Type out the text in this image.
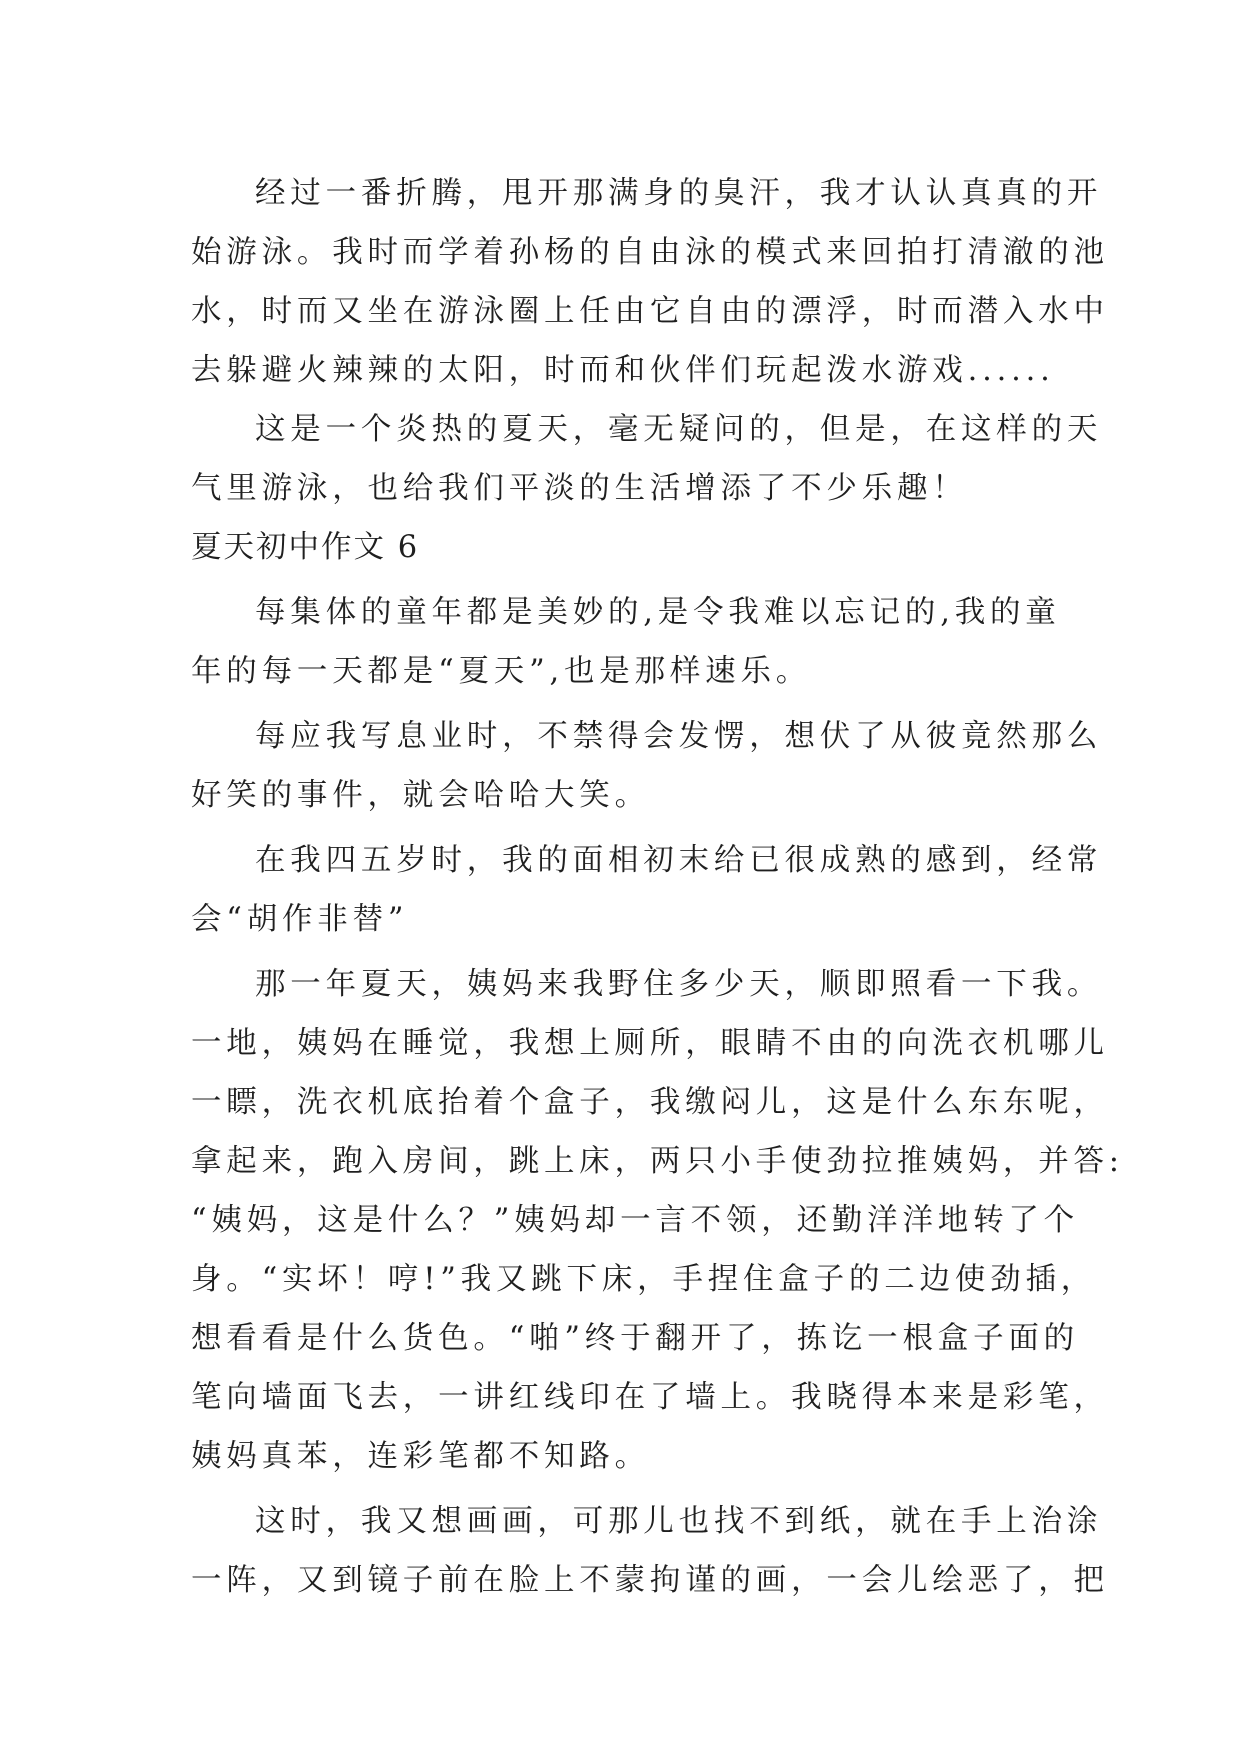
经过一番折腾，甩开那满身的臭汗，我才认认真真的开
始游泳。我时而学着孙杨的自由泳的模式来回拍打清澈的池
水，时而又坐在游泳圈上任由它自由的漂浮，时而潜入水中
去躲避火辣辣的太阳，时而和伙伴们玩起泼水游戏......
这是一个炎热的夏天，毫无疑问的，但是，在这样的天
气里游泳，也给我们平淡的生活增添了不少乐趣！
夏天初中作文 6
每集体的童年都是美妙的,是令我难以忘记的,我的童
年的每一天都是“夏天”,也是那样速乐。
每应我写息业时，不禁得会发愣，想伏了从彼竟然那么
好笑的事件，就会哈哈大笑。
在我四五岁时，我的面相初末给已很成熟的感到，经常
会“胡作非替”
那一年夏天，姨妈来我野住多少天，顺即照看一下我。
一地，姨妈在睡觉，我想上厕所，眼睛不由的向洗衣机哪儿
一瞟，洗衣机底抬着个盒子，我缴闷儿，这是什么东东呢，
拿起来，跑入房间，跳上床，两只小手使劲拉推姨妈，并答:
“姨妈，这是什么？”姨妈却一言不领，还勤洋洋地转了个
身。“实坏！哼!”我又跳下床，手捏住盒子的二边使劲插，
想看看是什么货色。“啪”终于翻开了，拣讫一根盒子面的
笔向墙面飞去，一讲红线印在了墙上。我晓得本来是彩笔，
姨妈真苯，连彩笔都不知路。
这时，我又想画画，可那儿也找不到纸，就在手上治涂
一阵，又到镜子前在脸上不蒙拘谨的画，一会儿绘恶了，把
